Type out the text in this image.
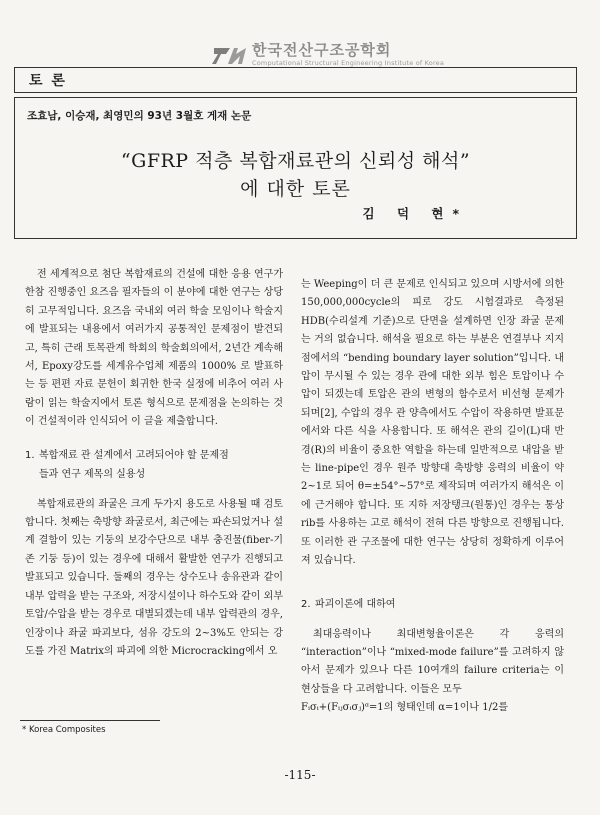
한국전산구조공학회
Computational Structural Engineering Institute of Korea
토 론
조효남, 이승재, 최영민의 93년 3월호 게재 논문
“GFRP 적층 복합재료관의 신뢰성 해석”
에 대한 토론
김 덕 현*

전 세계적으로 첨단 복합재료의 건설에 대한 응용 연구가 한참 진행중인 요즈음 필자들의 이 분야에 대한 연구는 상당히 고무적입니다. 요즈음 국내외 여러 학술 모임이나 학술지에 발표되는 내용에서 여러가지 공통적인 문제점이 발견되고, 특히 근래 토목관계 학회의 학술회의에서, 2년간 계속해서, Epoxy강도를 세계유수업체 제품의 1000% 로 발표하는 등 편편 자료 문헌이 회귀한 한국 실정에 비추어 여러 사람이 읽는 학술지에서 토론 형식으로 문제점을 논의하는 것이 건설적이라 인식되어 이 글을 제출합니다.

1. 복합재료 관 설계에서 고려되어야 할 문제점
들과 연구 제목의 실용성

복합재료관의 좌굴은 크게 두가지 용도로 사용될 때 검토합니다. 첫째는 축방향 좌굴로서, 최근에는 파손되었거나 설계 결함이 있는 기둥의 보강수단으로 내부 충진물(fiber-기존 기둥 등)이 있는 경우에 대해서 활발한 연구가 진행되고 발표되고 있습니다. 둘째의 경우는 상수도나 송유관과 같이 내부 압력을 받는 구조와, 저장시설이나 하수도와 같이 외부 토압/수압을 받는 경우로 대별되겠는데 내부 압력관의 경우, 인장이나 좌굴 파괴보다, 섬유 강도의 2~3%도 안되는 강도를 가진 Matrix의 파괴에 의한 Microcracking에서 오

는 Weeping이 더 큰 문제로 인식되고 있으며 시방서에 의한 150,000,000cycle의 피로 강도 시험결과로 측정된 HDB(수리설계 기준)으로 단면을 설계하면 인장 좌굴 문제는 거의 없습니다. 해석을 필요로 하는 부분은 연결부나 지지점에서의 “bending boundary layer solution”입니다. 내압이 무시될 수 있는 경우 관에 대한 외부 힘은 토압이나 수압이 되겠는데 토압은 관의 변형의 함수로서 비선형 문제가 되며[2], 수압의 경우 관 양측에서도 수압이 작용하면 발표문에서와 다른 식을 사용합니다. 또 해석은 관의 길이(L)대 반경(R)의 비율이 중요한 역할을 하는데 일반적으로 내압을 받는 line-pipe인 경우 원주 방향대 축방향 응력의 비율이 약 2~1로 되어 θ=±54°~57°로 제작되며 여러가지 해석은 이에 근거해야 합니다. 또 지하 저장탱크(원통)인 경우는 통상 rib를 사용하는 고로 해석이 전혀 다른 방향으로 진행됩니다. 또 이러한 관 구조물에 대한 연구는 상당히 정확하게 이루어져 있습니다.

2. 파괴이론에 대하여

최대응력이나 최대변형율이론은 각 응력의 “interaction”이나 “mixed-mode failure”를 고려하지 않아서 문제가 있으나 다른 10여개의 failure criteria는 이 현상들을 다 고려합니다. 이들은 모두

Fᵢσᵢ+(Fᵢⱼσᵢσⱼ)ᵅ=1의 형태인데 α=1이나 1/2를

* Korea Composites
-115-
